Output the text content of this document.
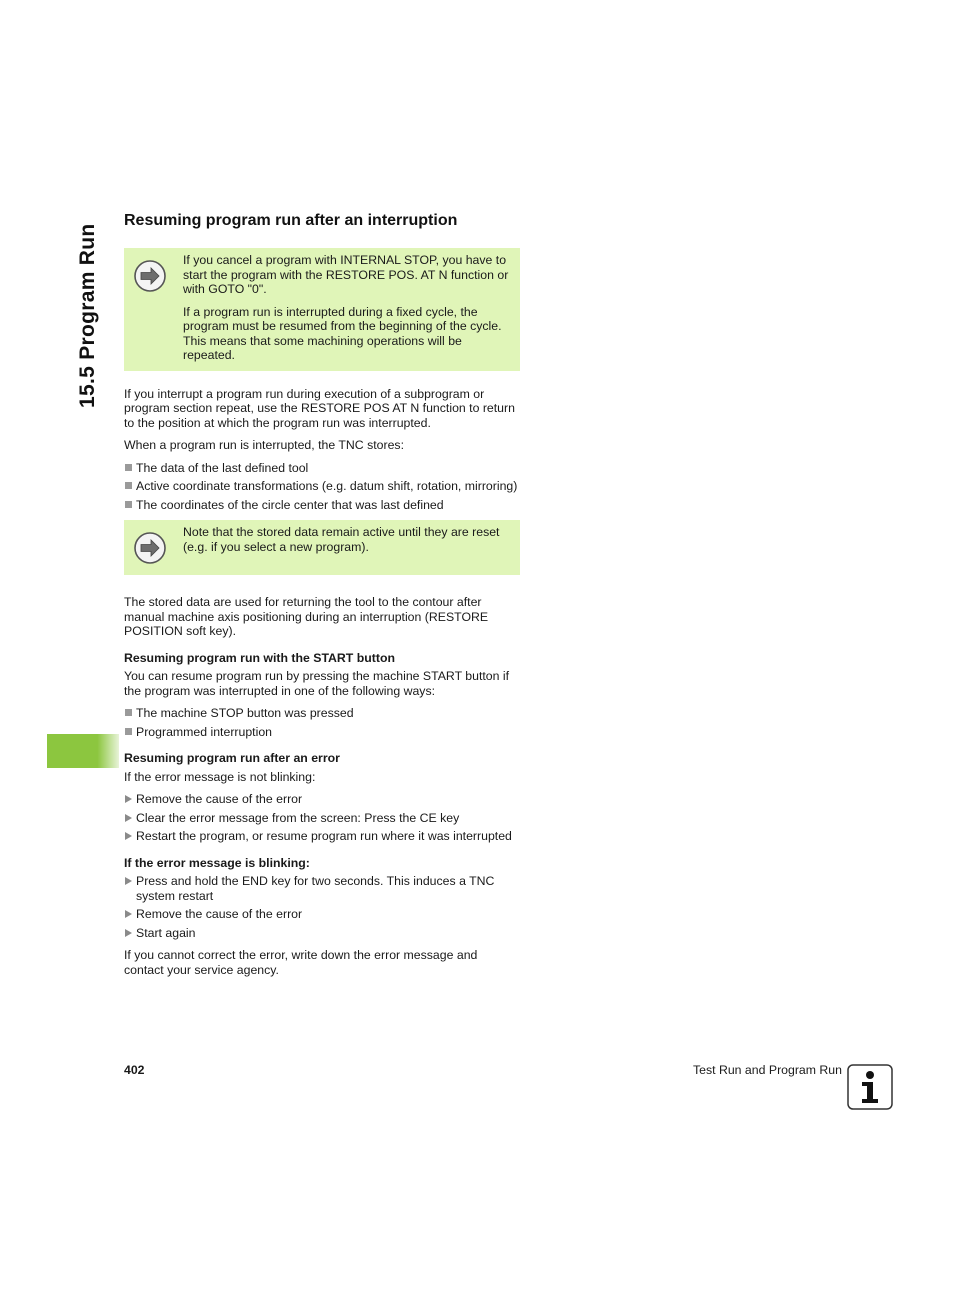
15.5 Program Run
Resuming program run after an interruption

If you cancel a program with INTERNAL STOP, you have to start the program with the RESTORE POS. AT N function or with GOTO "0".

If a program run is interrupted during a fixed cycle, the program must be resumed from the beginning of the cycle. This means that some machining operations will be repeated.

If you interrupt a program run during execution of a subprogram or program section repeat, use the RESTORE POS AT N function to return to the position at which the program run was interrupted.

When a program run is interrupted, the TNC stores:

The data of the last defined tool
Active coordinate transformations (e.g. datum shift, rotation, mirroring)
The coordinates of the circle center that was last defined

Note that the stored data remain active until they are reset (e.g. if you select a new program).

The stored data are used for returning the tool to the contour after manual machine axis positioning during an interruption (RESTORE POSITION soft key).

Resuming program run with the START button

You can resume program run by pressing the machine START button if the program was interrupted in one of the following ways:

The machine STOP button was pressed
Programmed interruption
Resuming program run after an error

If the error message is not blinking:

Remove the cause of the error
Clear the error message from the screen: Press the CE key
Restart the program, or resume program run where it was interrupted
If the error message is blinking:
Press and hold the END key for two seconds. This induces a TNC system restart
Remove the cause of the error
Start again

If you cannot correct the error, write down the error message and contact your service agency.

402	Test Run and Program Run
